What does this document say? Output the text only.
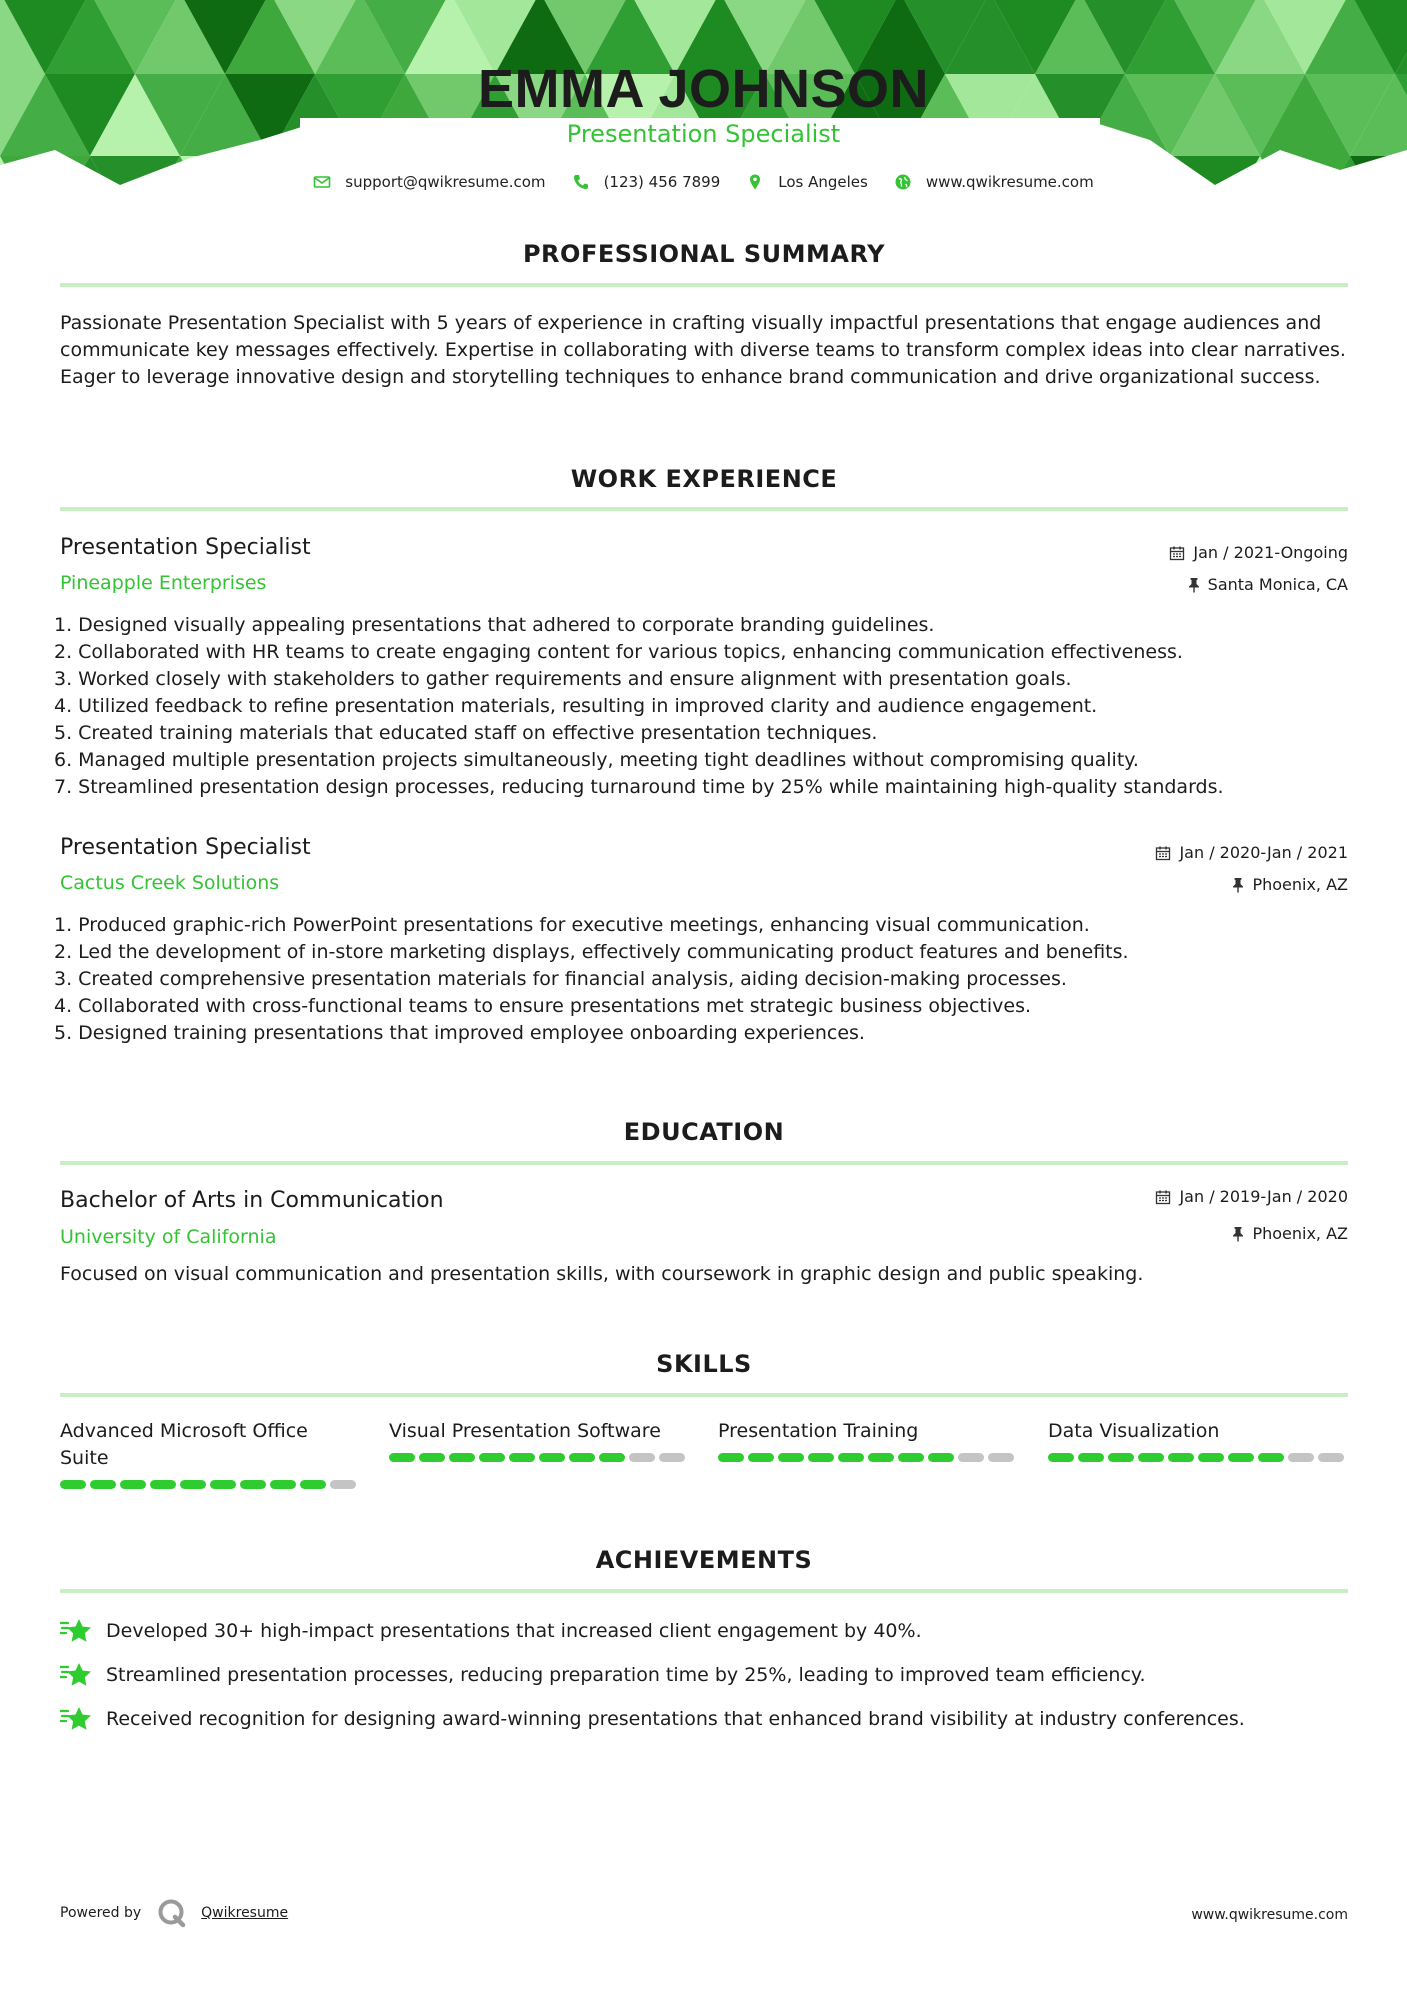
EMMA JOHNSON
Presentation Specialist
support@qwikresume.com	(123) 456 7899	Los Angeles	www.qwikresume.com
PROFESSIONAL SUMMARY

Passionate Presentation Specialist with 5 years of experience in crafting visually impactful presentations that engage audiences and communicate key messages effectively. Expertise in collaborating with diverse teams to transform complex ideas into clear narratives. Eager to leverage innovative design and storytelling techniques to enhance brand communication and drive organizational success.

WORK EXPERIENCE
Presentation Specialist
Pineapple Enterprises
Jan / 2021-Ongoing
Santa Monica, CA
1. Designed visually appealing presentations that adhered to corporate branding guidelines.
2. Collaborated with HR teams to create engaging content for various topics, enhancing communication effectiveness.
3. Worked closely with stakeholders to gather requirements and ensure alignment with presentation goals.
4. Utilized feedback to refine presentation materials, resulting in improved clarity and audience engagement.
5. Created training materials that educated staff on effective presentation techniques.
6. Managed multiple presentation projects simultaneously, meeting tight deadlines without compromising quality.
7. Streamlined presentation design processes, reducing turnaround time by 25% while maintaining high-quality standards.
Presentation Specialist
Cactus Creek Solutions
Jan / 2020-Jan / 2021
Phoenix, AZ
1. Produced graphic-rich PowerPoint presentations for executive meetings, enhancing visual communication.
2. Led the development of in-store marketing displays, effectively communicating product features and benefits.
3. Created comprehensive presentation materials for financial analysis, aiding decision-making processes.
4. Collaborated with cross-functional teams to ensure presentations met strategic business objectives.
5. Designed training presentations that improved employee onboarding experiences.
EDUCATION
Bachelor of Arts in Communication
University of California
Jan / 2019-Jan / 2020
Phoenix, AZ

Focused on visual communication and presentation skills, with coursework in graphic design and public speaking.

SKILLS
Advanced Microsoft Office Suite
Visual Presentation Software	Presentation Training	Data Visualization
ACHIEVEMENTS
Developed 30+ high-impact presentations that increased client engagement by 40%.
Streamlined presentation processes, reducing preparation time by 25%, leading to improved team efficiency.
Received recognition for designing award-winning presentations that enhanced brand visibility at industry conferences.
Powered by	Qwikresume	www.qwikresume.com
